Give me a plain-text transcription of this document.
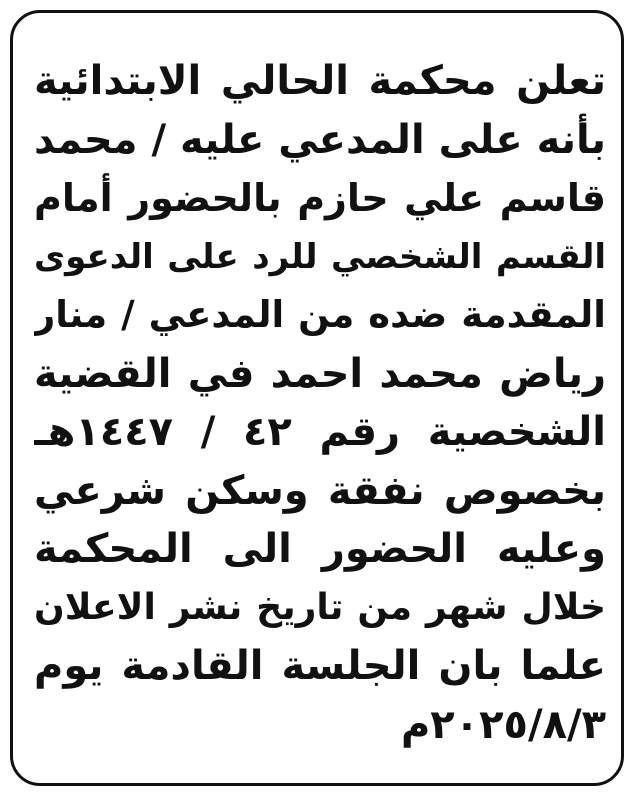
تعلن محكمة الحالي الابتدائية
بأنه على المدعي عليه / محمد
قاسم علي حازم بالحضور أمام
القسم الشخصي للرد على الدعوى
المقدمة ضده من المدعي / منار
رياض محمد احمد في القضية
الشخصية رقم ٤٢ / ١٤٤٧هـ
بخصوص نفقة وسكن شرعي
وعليه الحضور الى المحكمة
خلال شهر من تاريخ نشر الاعلان
علما بان الجلسة القادمة يوم
٢٠٢٥/٨/٣م
